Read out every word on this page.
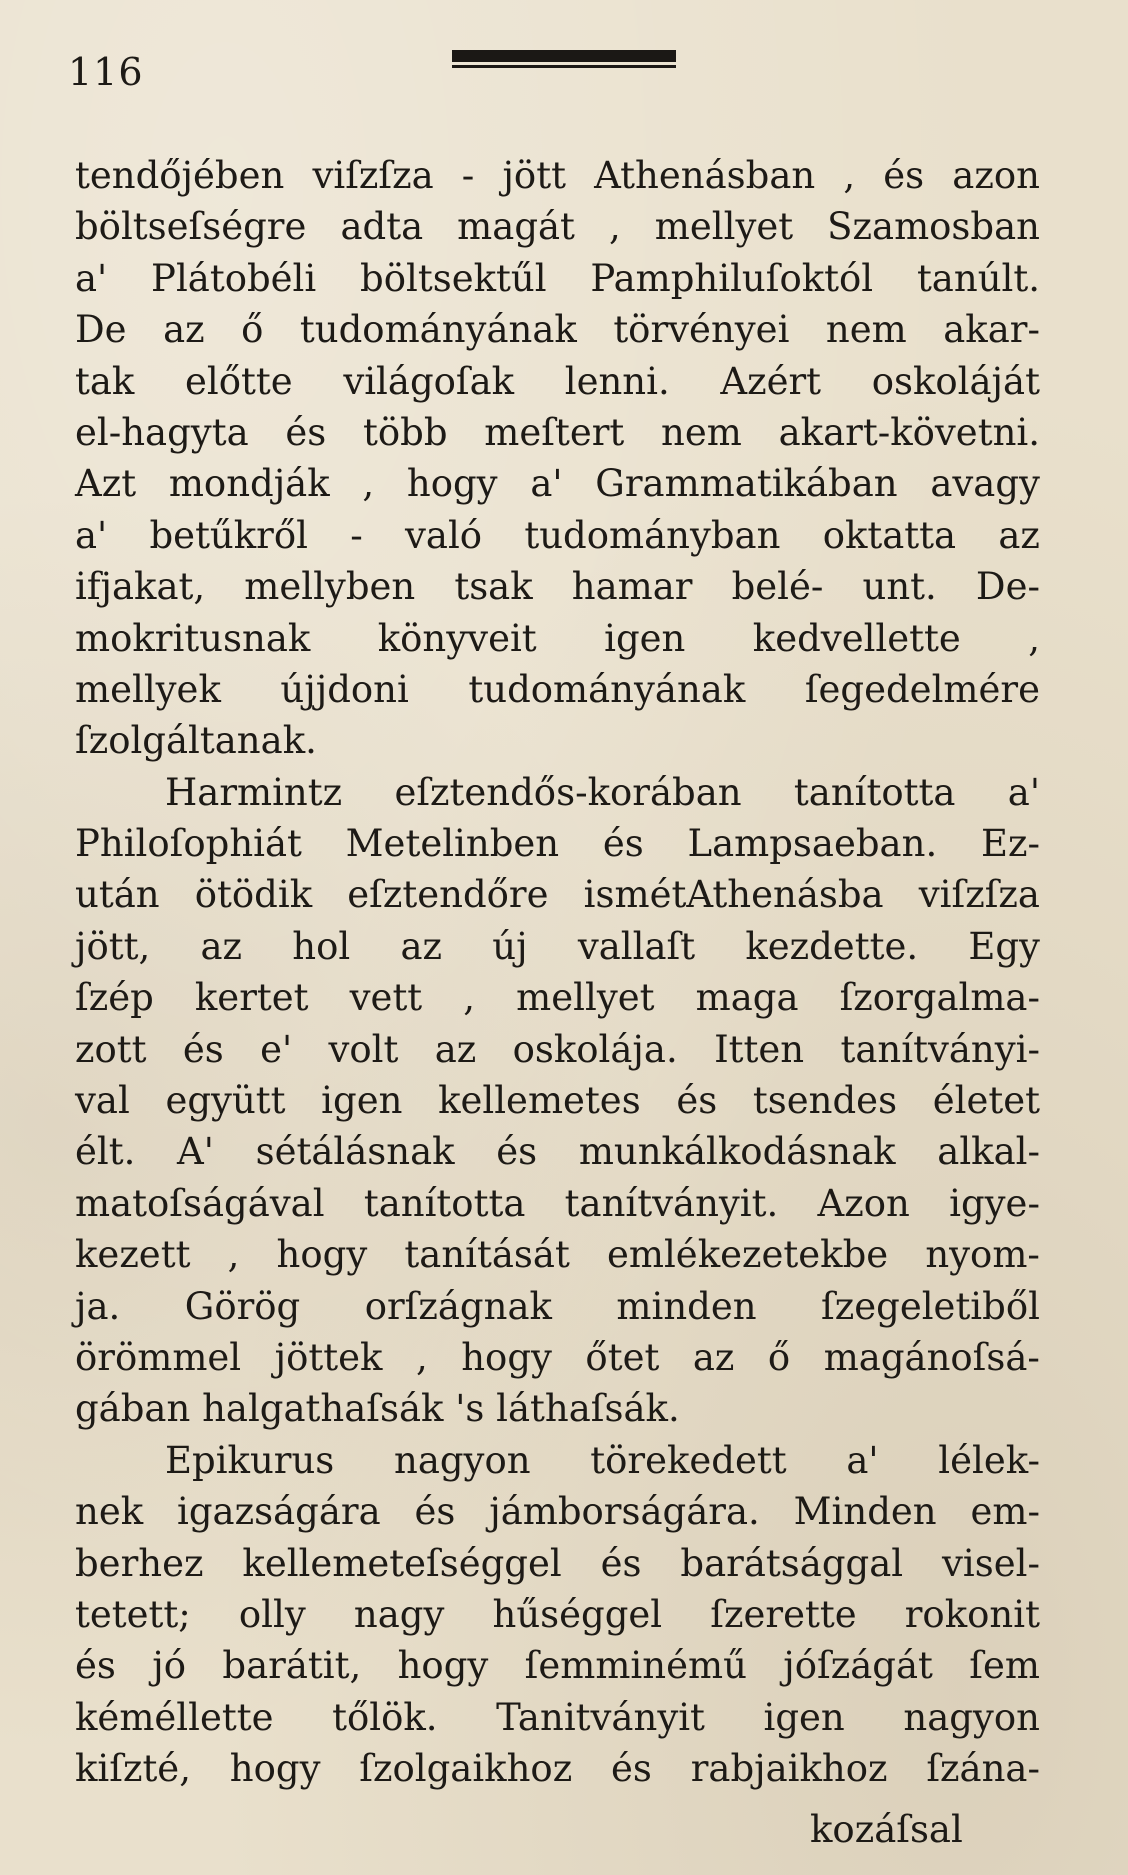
116
tendőjében viſzſza - jött Athenásban , és azon
böltseſségre adta magát , mellyet Szamosban
a' Plátobéli böltsektűl Pamphiluſoktól tanúlt.
De az ő tudományának törvényei nem akar-
tak előtte világoſak lenni. Azért oskoláját
el-hagyta és több meſtert nem akart-követni.
Azt mondják , hogy a' Grammatikában avagy
a' betűkről - való tudományban oktatta az
ifjakat, mellyben tsak hamar belé- unt. De-
mokritusnak könyveit igen kedvellette ,
mellyek újjdoni tudományának ſegedelmére
ſzolgáltanak.
Harmintz eſztendős-korában tanította a'
Philoſophiát Metelinben és Lampsaeban. Ez-
után ötödik eſztendőre ismétAthenásba viſzſza
jött, az hol az új vallaſt kezdette. Egy
ſzép kertet vett , mellyet maga ſzorgalma-
zott és e' volt az oskolája. Itten tanítványi-
val együtt igen kellemetes és tsendes életet
élt. A' sétálásnak és munkálkodásnak alkal-
matoſságával tanította tanítványit. Azon igye-
kezett , hogy tanítását emlékezetekbe nyom-
ja. Görög orſzágnak minden ſzegeletiből
örömmel jöttek , hogy őtet az ő magánoſsá-
gában halgathaſsák 's láthaſsák.
Epikurus nagyon törekedett a' lélek-
nek igazságára és jámborságára. Minden em-
berhez kellemeteſséggel és barátsággal visel-
tetett; olly nagy hűséggel ſzerette rokonit
és jó barátit, hogy ſemminémű jóſzágát ſem
kéméllette tőlök. Tanitványit igen nagyon
kiſzté, hogy ſzolgaikhoz és rabjaikhoz ſzána-
kozáſsal
